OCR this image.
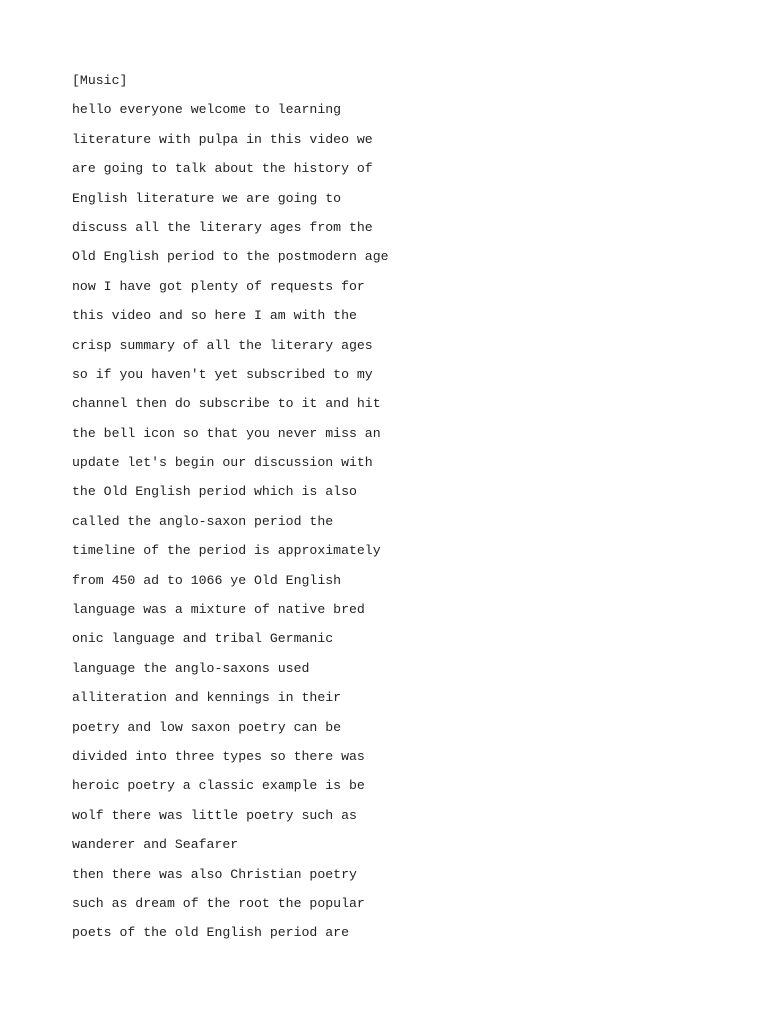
[Music]
hello everyone welcome to learning
literature with pulpa in this video we
are going to talk about the history of
English literature we are going to
discuss all the literary ages from the
Old English period to the postmodern age
now I have got plenty of requests for
this video and so here I am with the
crisp summary of all the literary ages
so if you haven't yet subscribed to my
channel then do subscribe to it and hit
the bell icon so that you never miss an
update let's begin our discussion with
the Old English period which is also
called the anglo-saxon period the
timeline of the period is approximately
from 450 ad to 1066 ye Old English
language was a mixture of native bred
onic language and tribal Germanic
language the anglo-saxons used
alliteration and kennings in their
poetry and low saxon poetry can be
divided into three types so there was
heroic poetry a classic example is be
wolf there was little poetry such as
wanderer and Seafarer
then there was also Christian poetry
such as dream of the root the popular
poets of the old English period are
